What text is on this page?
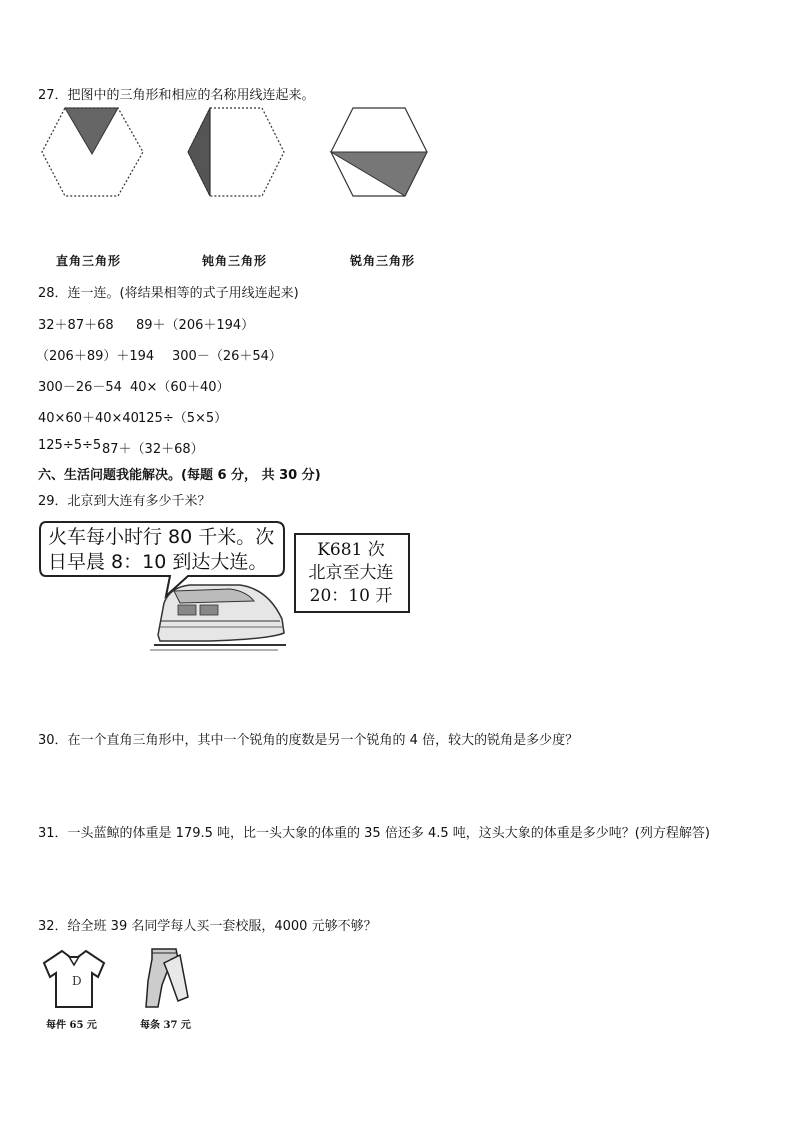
27．把图中的三角形和相应的名称用线连起来。
直角三角形	钝角三角形	锐角三角形
28．连一连。(将结果相等的式子用线连起来)
32＋87＋68 89＋（206＋194）
（206＋89）＋194 300－（26＋54）
300－26－54 40×（60＋40）
40×60＋40×40 125÷（5×5）
125÷5÷5 87＋（32＋68）
六、生活问题我能解决。(每题 6 分， 共 30 分)
29．北京到大连有多少千米？
火车每小时行 80 千米。次
日早晨 8：10 到达大连。
K681 次
北京至大连
20：10 开
30．在一个直角三角形中，其中一个锐角的度数是另一个锐角的 4 倍，较大的锐角是多少度？
31．一头蓝鲸的体重是 179.5 吨，比一头大象的体重的 35 倍还多 4.5 吨，这头大象的体重是多少吨？(列方程解答)
32．给全班 39 名同学每人买一套校服，4000 元够不够？
D
每件 65 元	每条 37 元
